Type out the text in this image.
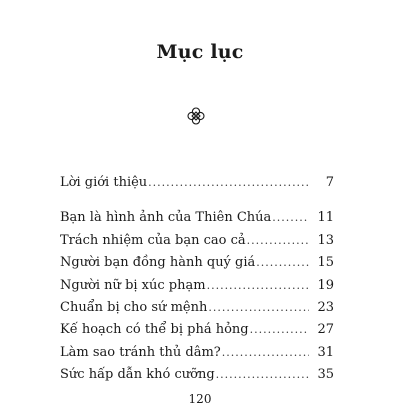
Mục lục
Lời giới thiệu .....	7
Bạn là hình ảnh của Thiên Chúa .....	11
Trách nhiệm của bạn cao cả .....	13
Người bạn đồng hành quý giá .....	15
Người nữ bị xúc phạm .....	19
Chuẩn bị cho sứ mệnh .....	23
Kế hoạch có thể bị phá hỏng .....	27
Làm sao tránh thủ dâm? .....	31
Sức hấp dẫn khó cưỡng .....	35
120
